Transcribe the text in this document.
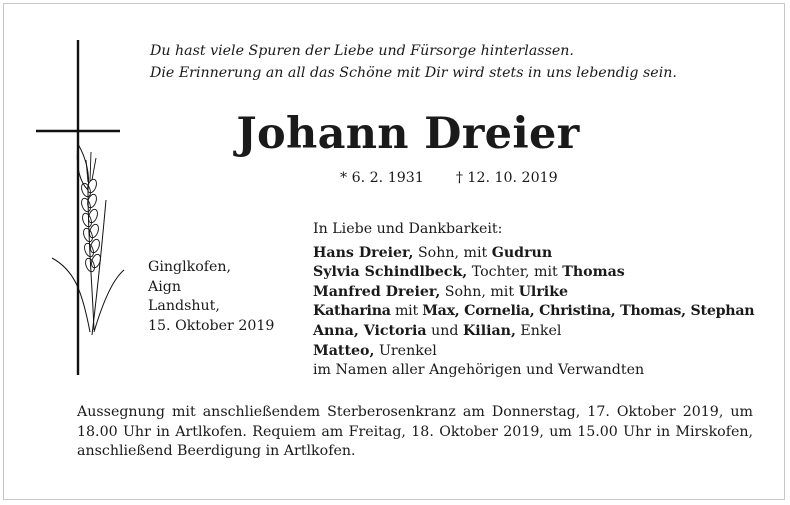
Du hast viele Spuren der Liebe und Fürsorge hinterlassen.
Die Erinnerung an all das Schöne mit Dir wird stets in uns lebendig sein.
Johann Dreier
* 6. 2. 1931 † 12. 10. 2019
Ginglkofen,
Aign
Landshut,
15. Oktober 2019
In Liebe und Dankbarkeit:
Hans Dreier, Sohn, mit Gudrun
Sylvia Schindlbeck, Tochter, mit Thomas
Manfred Dreier, Sohn, mit Ulrike
Katharina mit Max, Cornelia, Christina, Thomas, Stephan
Anna, Victoria und Kilian, Enkel
Matteo, Urenkel
im Namen aller Angehörigen und Verwandten
Aussegnung mit anschließendem Sterberosenkranz am Donnerstag, 17. Oktober 2019, um 18.00 Uhr in Artlkofen. Requiem am Freitag, 18. Oktober 2019, um 15.00 Uhr in Mirskofen, anschließend Beerdigung in Artlkofen.
